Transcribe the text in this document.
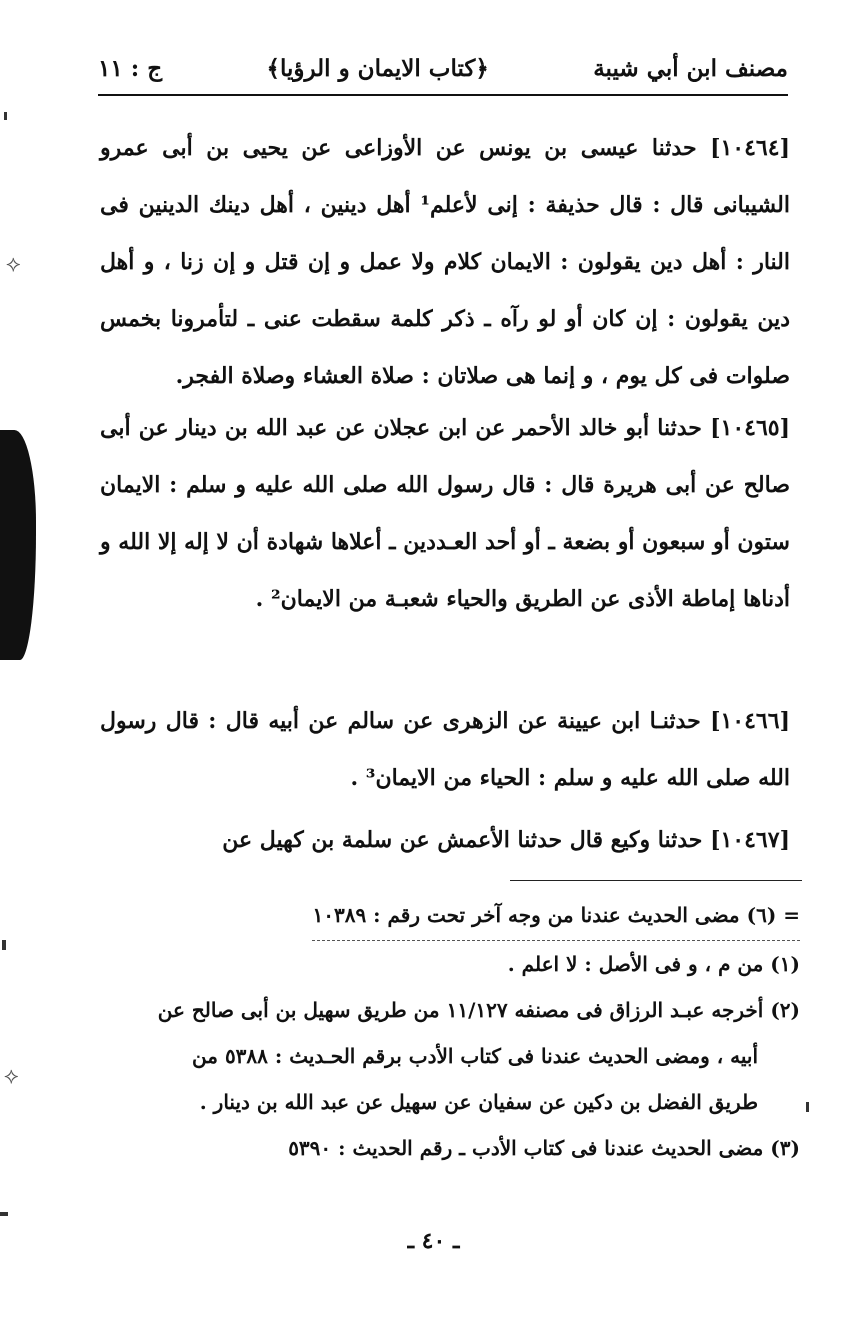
⟡
⟡
مصنف ابن أبي شيبة
﴿كتاب الايمان و الرؤيا﴾
ج : ١١

[١٠٤٦٤] حدثنا عيسى بن يونس عن الأوزاعى عن يحيى بن أبى عمرو الشيبانى قال : قال حذيفة : إنى لأعلم¹ أهل دينين ، أهل دينك الدينين فى النار : أهل دين يقولون : الايمان كلام ولا عمل و إن قتل و إن زنا ، و أهل دين يقولون : إن كان أو لو رآه ـ ذكر كلمة سقطت عنى ـ لتأمرونا بخمس صلوات فى كل يوم ، و إنما هى صلاتان : صلاة العشاء وصلاة الفجر.

[١٠٤٦٥] حدثنا أبو خالد الأحمر عن ابن عجلان عن عبد الله بن دينار عن أبى صالح عن أبى هريرة قال : قال رسول الله صلى الله عليه و سلم : الايمان ستون أو سبعون أو بضعة ـ أو أحد العـددين ـ أعلاها شهادة أن لا إله إلا الله و أدناها إماطة الأذى عن الطريق والحياء شعبـة من الايمان² .

[١٠٤٦٦] حدثنـا ابن عيينة عن الزهرى عن سالم عن أبيه قال : قال رسول الله صلى الله عليه و سلم : الحياء من الايمان³ .

[١٠٤٦٧] حدثنا وكيع قال حدثنا الأعمش عن سلمة بن كهيل عن

= (٦) مضى الحديث عندنا من وجه آخر تحت رقم : ١٠٣٨٩

(١) من م ، و فى الأصل : لا اعلم .

(٢) أخرجه عبـد الرزاق فى مصنفه ١١/١٢٧ من طريق سهيل بن أبى صالح عن

أبيه ، ومضى الحديث عندنا فى كتاب الأدب برقم الحـديث : ٥٣٨٨ من

طريق الفضل بن دكين عن سفيان عن سهيل عن عبد الله بن دينار .

(٣) مضى الحديث عندنا فى كتاب الأدب ـ رقم الحديث : ٥٣٩٠

ـ ٤٠ ـ
